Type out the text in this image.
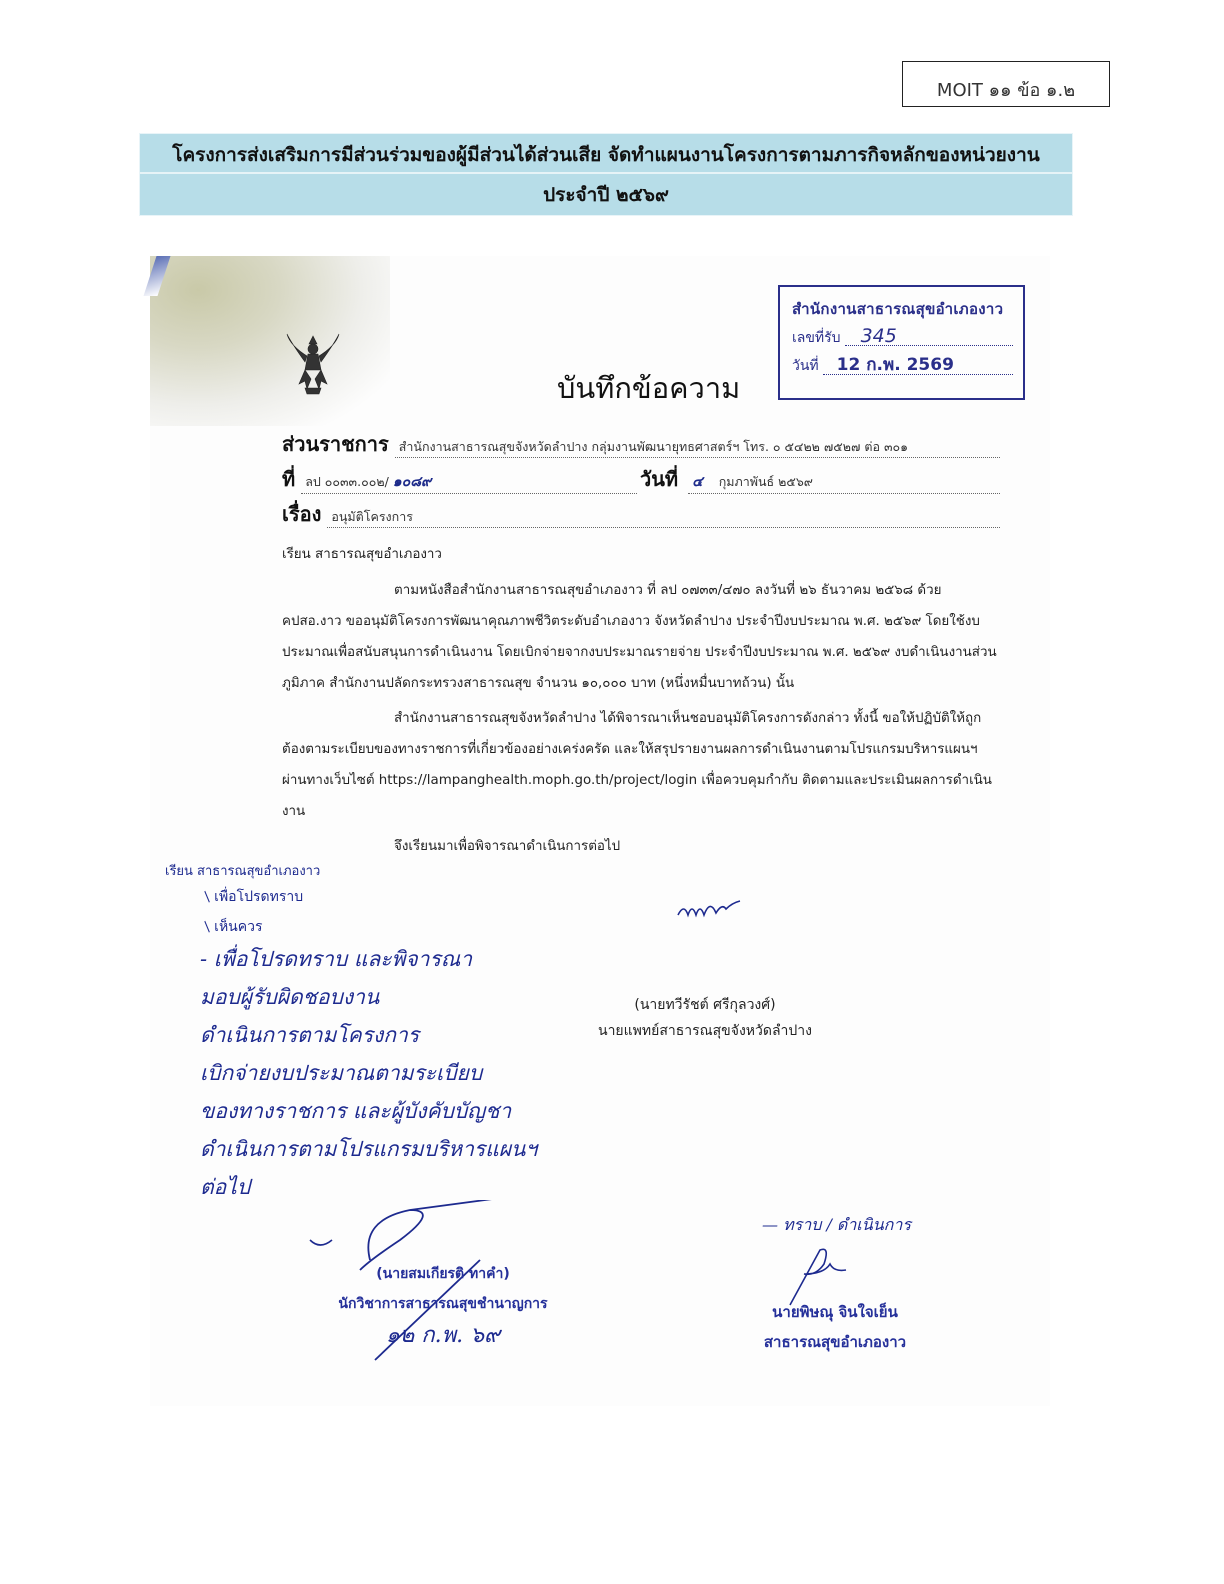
MOIT ๑๑ ข้อ ๑.๒
โครงการส่งเสริมการมีส่วนร่วมของผู้มีส่วนได้ส่วนเสีย จัดทำแผนงานโครงการตามภารกิจหลักของหน่วยงาน
ประจำปี ๒๕๖๙
บันทึกข้อความ
สำนักงานสาธารณสุขอำเภองาว
เลขที่รับ	345
วันที่	12 ก.พ. 2569
ส่วนราชการ สำนักงานสาธารณสุขจังหวัดลำปาง กลุ่มงานพัฒนายุทธศาสตร์ฯ โทร. ๐ ๕๔๒๒ ๗๕๒๗ ต่อ ๓๐๑
ที่ ลป ๐๐๓๓.๐๐๒/ ๑๐๘๙	วันที่ ๔ กุมภาพันธ์ ๒๕๖๙
เรื่อง อนุมัติโครงการ
เรียน สาธารณสุขอำเภองาว
ตามหนังสือสำนักงานสาธารณสุขอำเภองาว ที่ ลป ๐๗๓๓/๔๗๐ ลงวันที่ ๒๖ ธันวาคม ๒๕๖๘ ด้วย คปสอ.งาว ขออนุมัติโครงการพัฒนาคุณภาพชีวิตระดับอำเภองาว จังหวัดลำปาง ประจำปีงบประมาณ พ.ศ. ๒๕๖๙ โดยใช้งบประมาณเพื่อสนับสนุนการดำเนินงาน โดยเบิกจ่ายจากงบประมาณรายจ่าย ประจำปีงบประมาณ พ.ศ. ๒๕๖๙ งบดำเนินงานส่วนภูมิภาค สำนักงานปลัดกระทรวงสาธารณสุข จำนวน ๑๐,๐๐๐ บาท (หนึ่งหมื่นบาทถ้วน) นั้น
สำนักงานสาธารณสุขจังหวัดลำปาง ได้พิจารณาเห็นชอบอนุมัติโครงการดังกล่าว ทั้งนี้ ขอให้ปฏิบัติให้ถูกต้องตามระเบียบของทางราชการที่เกี่ยวข้องอย่างเคร่งครัด และให้สรุปรายงานผลการดำเนินงานตามโปรแกรมบริหารแผนฯ ผ่านทางเว็บไซต์ https://lampanghealth.moph.go.th/project/login เพื่อควบคุมกำกับ ติดตามและประเมินผลการดำเนินงาน
จึงเรียนมาเพื่อพิจารณาดำเนินการต่อไป
(นายทวีรัชต์ ศรีกุลวงศ์)
นายแพทย์สาธารณสุขจังหวัดลำปาง
เรียน สาธารณสุขอำเภองาว
/ เพื่อโปรดทราบ
/ เห็นควร
- เพื่อโปรดทราบ และพิจารณา
มอบผู้รับผิดชอบงาน
ดำเนินการตามโครงการ
เบิกจ่ายงบประมาณตามระเบียบ
ของทางราชการ และผู้บังคับบัญชา
ดำเนินการตามโปรแกรมบริหารแผนฯ
ต่อไป
(นายสมเกียรติ ทาคำ)
นักวิชาการสาธารณสุขชำนาญการ
๑๒ ก.พ. ๖๙
— ทราบ / ดำเนินการ
นายพิษณุ จินใจเย็น
สาธารณสุขอำเภองาว
